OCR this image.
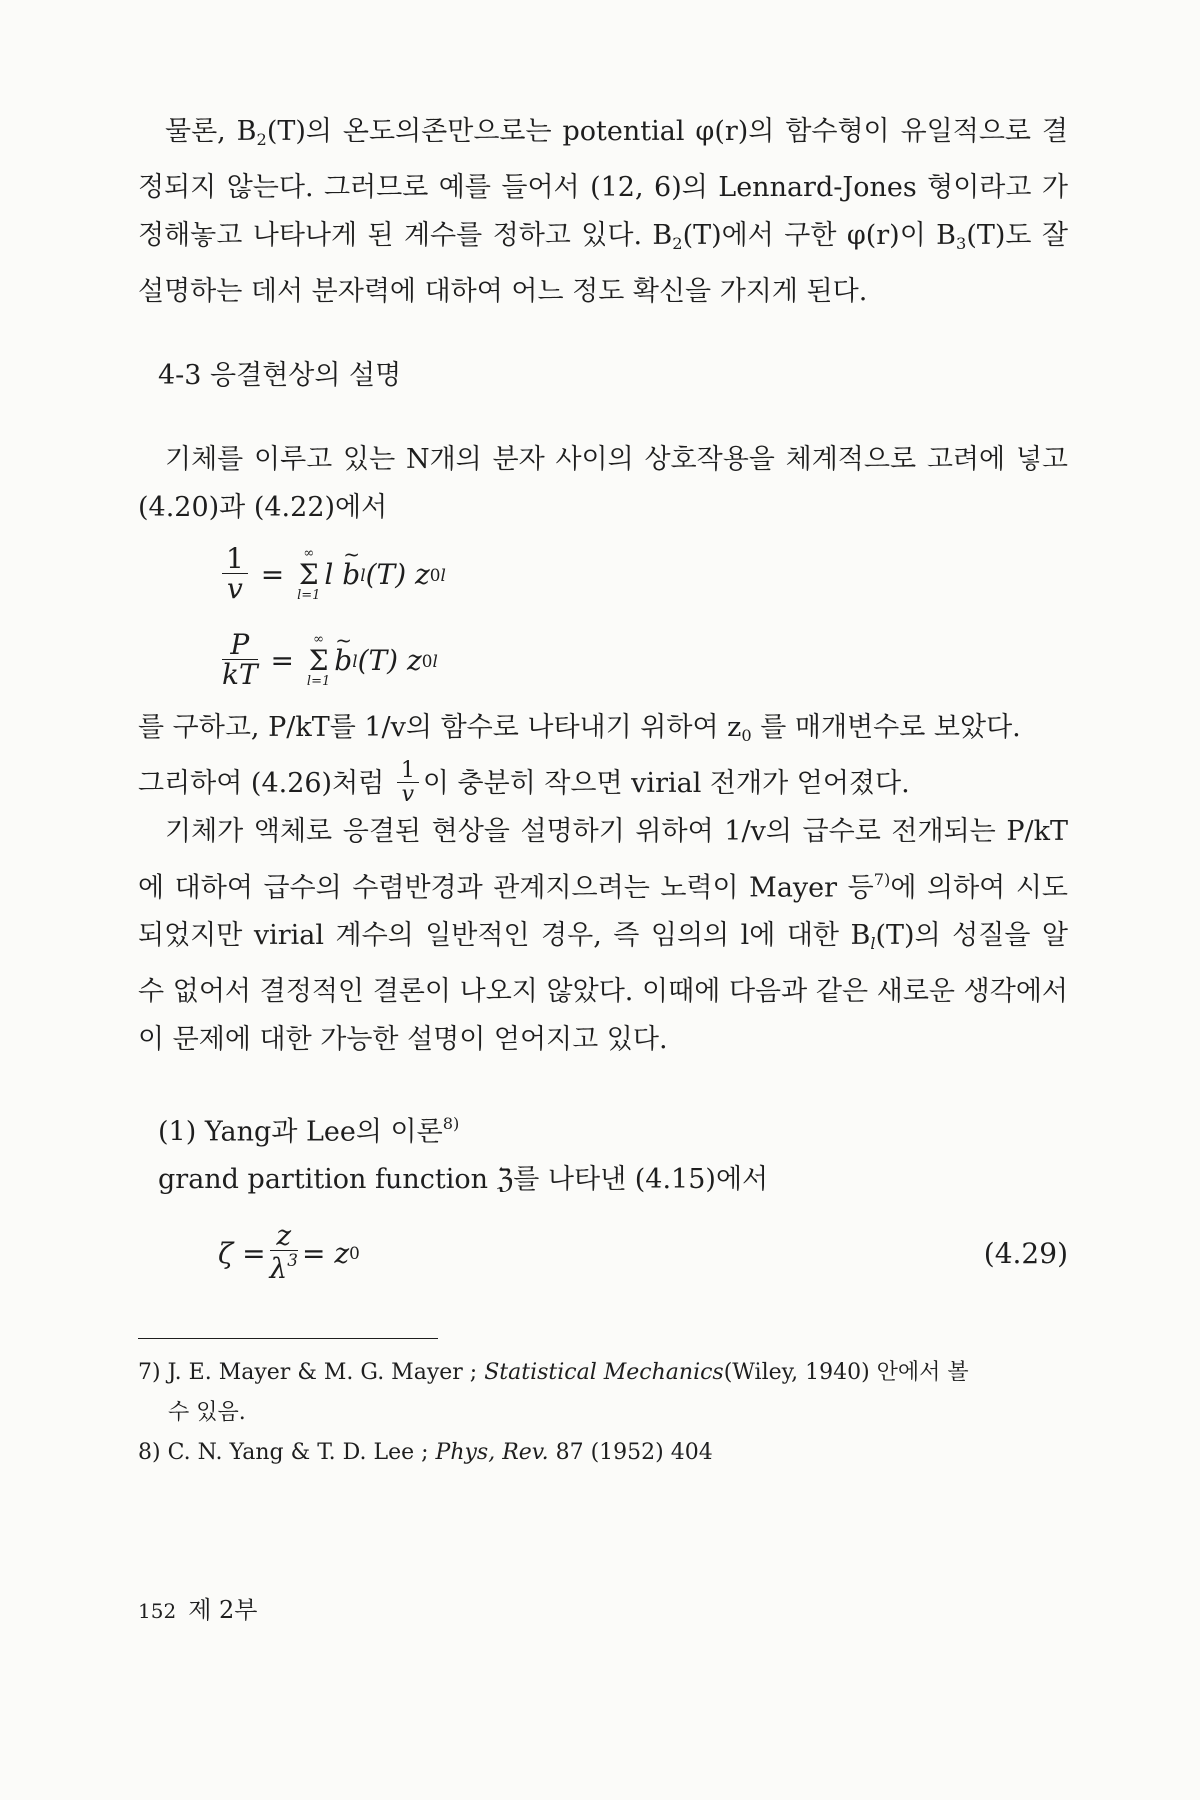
물론, $B_2(T)$의 온도의존만으로는 potential φ(r)의 함수형이 유일적으로 결정되지 않는다. 그러므로 예를 들어서 (12, 6)의 Lennard-Jones 형이라고 가정해놓고 나타나게 된 계수를 정하고 있다. $B_2(T)$에서 구한 φ(r)이 $B_3(T)$도 잘 설명하는 데서 분자력에 대하여 어느 정도 확신을 가지게 된다.

4-3 응결현상의 설명

기체를 이루고 있는 N개의 분자 사이의 상호작용을 체계적으로 고려에 넣고 (4.20)과 (4.22)에서

$\frac{1}{v}$ =
∞
Σ
l=1
l

~ b l (T) z 0 l
$\frac{P}{kT}$ =
∞
Σ
l=1
~ b l (T) z 0 l

를 구하고, P/kT를 1/v의 함수로 나타내기 위하여 $z_0$ 를 매개변수로 보았다.

그리하여 (4.26)처럼 $\frac{1}{v}$ 이 충분히 작으면 virial 전개가 얻어졌다.

기체가 액체로 응결된 현상을 설명하기 위하여 1/v의 급수로 전개되는 P/kT에 대하여 급수의 수렴반경과 관계지으려는 노력이 Mayer 등$^{7)}$에 의하여 시도되었지만 virial 계수의 일반적인 경우, 즉 임의의 l에 대한 $B_l(T)$의 성질을 알 수 없어서 결정적인 결론이 나오지 않았다. 이때에 다음과 같은 새로운 생각에서 이 문제에 대한 가능한 설명이 얻어지고 있다.

(1) Yang과 Lee의 이론$^{8)}$

grand partition function ℨ를 나타낸 (4.15)에서

$\zeta = \frac{z}{\lambda^3} = z$ 0	(4.29)

7) J. E. Mayer & M. G. Mayer ; Statistical Mechanics(Wiley, 1940) 안에서 볼
수 있음.

8) C. N. Yang & T. D. Lee ; Phys, Rev. 87 (1952) 404

152 제 2부
